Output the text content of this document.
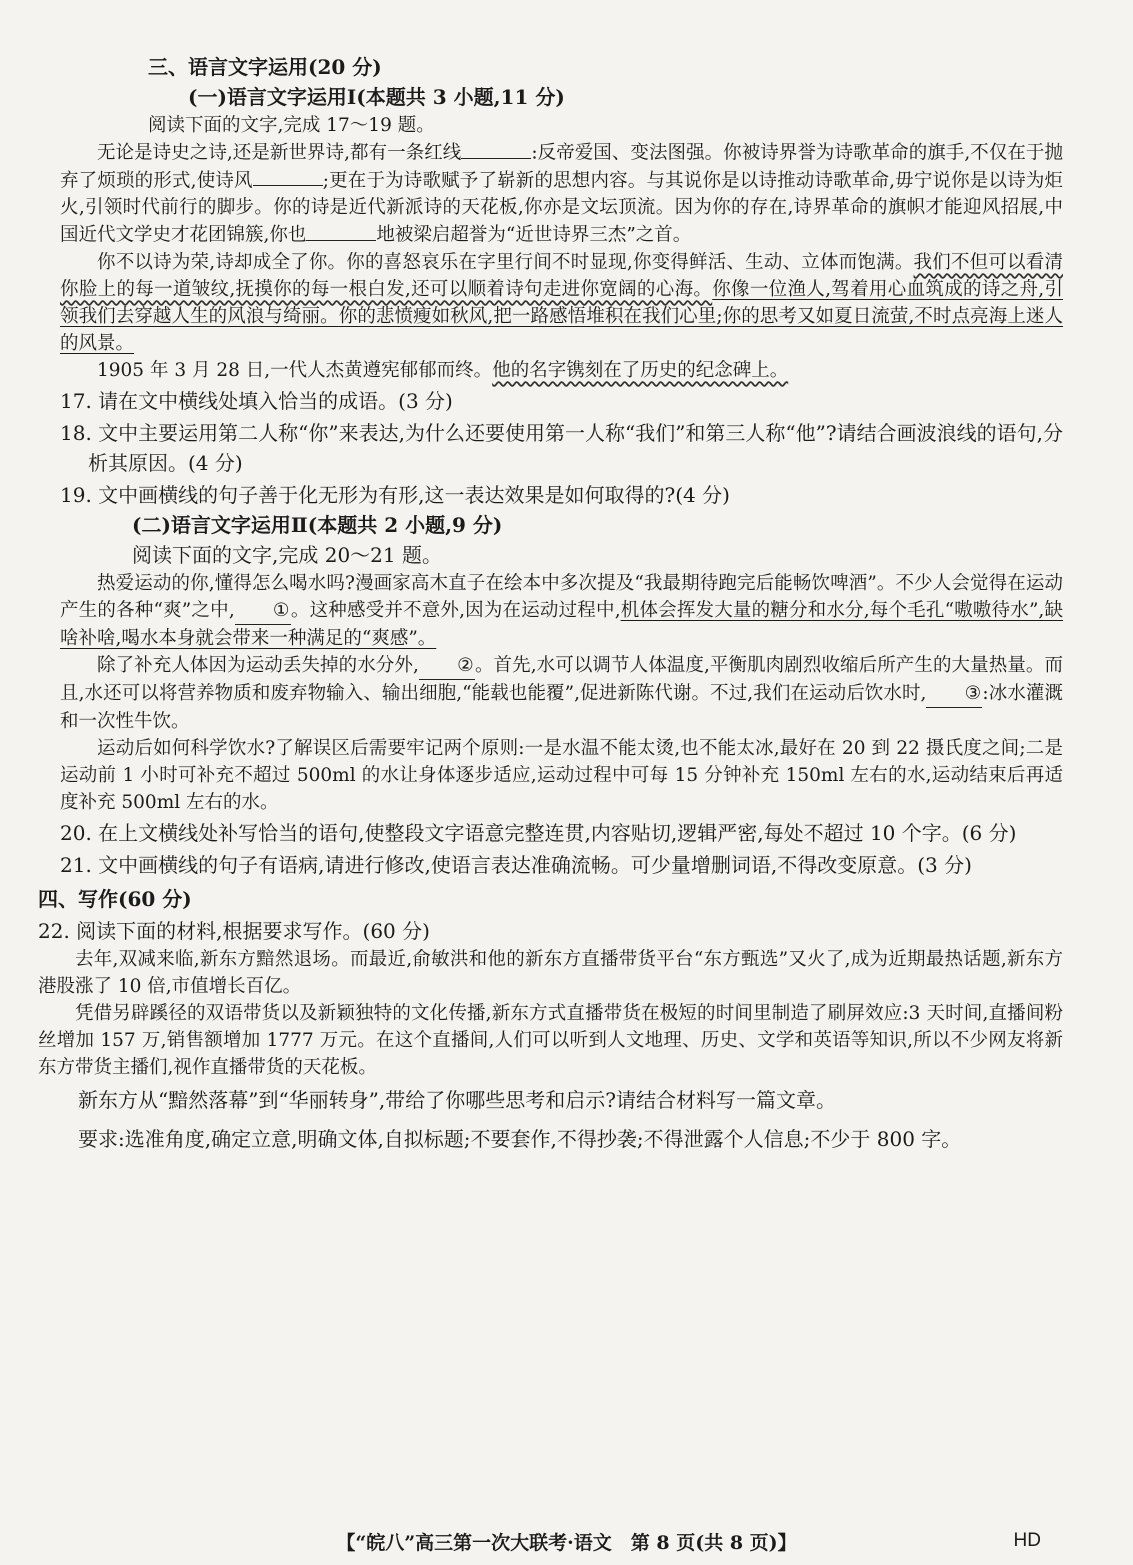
三、语言文字运用(20 分)

(一)语言文字运用Ⅰ(本题共 3 小题,11 分)

阅读下面的文字,完成 17～19 题。

无论是诗史之诗,还是新世界诗,都有一条红线	:反帝爱国、变法图强。你被诗界誉为诗歌革命的旗手,不仅在于抛弃了烦琐的形式,使诗风	;更在于为诗歌赋予了崭新的思想内容。与其说你是以诗推动诗歌革命,毋宁说你是以诗为炬火,引领时代前行的脚步。你的诗是近代新派诗的天花板,你亦是文坛顶流。因为你的存在,诗界革命的旗帜才能迎风招展,中国近代文学史才花团锦簇,你也	地被梁启超誉为“近世诗界三杰”之首。

你不以诗为荣,诗却成全了你。你的喜怒哀乐在字里行间不时显现,你变得鲜活、生动、立体而饱满。我们不但可以看清你脸上的每一道皱纹,抚摸你的每一根白发,还可以顺着诗句走进你宽阔的心海。你像一位渔人,驾着用心血筑成的诗之舟,引领我们去穿越人生的风浪与绮丽。你的悲愤瘦如秋风,把一路感悟堆积在我们心里;你的思考又如夏日流萤,不时点亮海上迷人的风景。

1905 年 3 月 28 日,一代人杰黄遵宪郁郁而终。他的名字镌刻在了历史的纪念碑上。

17. 请在文中横线处填入恰当的成语。(3 分)

18. 文中主要运用第二人称“你”来表达,为什么还要使用第一人称“我们”和第三人称“他”?请结合画波浪线的语句,分析其原因。(4 分)

19. 文中画横线的句子善于化无形为有形,这一表达效果是如何取得的?(4 分)

(二)语言文字运用Ⅱ(本题共 2 小题,9 分)

阅读下面的文字,完成 20～21 题。

热爱运动的你,懂得怎么喝水吗?漫画家高木直子在绘本中多次提及“我最期待跑完后能畅饮啤酒”。不少人会觉得在运动产生的各种“爽”之中, ①。这种感受并不意外,因为在运动过程中,机体会挥发大量的糖分和水分,每个毛孔“嗷嗷待水”,缺啥补啥,喝水本身就会带来一种满足的“爽感”。

除了补充人体因为运动丢失掉的水分外, ②。首先,水可以调节人体温度,平衡肌肉剧烈收缩后所产生的大量热量。而且,水还可以将营养物质和废弃物输入、输出细胞,“能载也能覆”,促进新陈代谢。不过,我们在运动后饮水时, ③:冰水灌溉和一次性牛饮。

运动后如何科学饮水?了解误区后需要牢记两个原则:一是水温不能太烫,也不能太冰,最好在 20 到 22 摄氏度之间;二是运动前 1 小时可补充不超过 500ml 的水让身体逐步适应,运动过程中可每 15 分钟补充 150ml 左右的水,运动结束后再适度补充 500ml 左右的水。

20. 在上文横线处补写恰当的语句,使整段文字语意完整连贯,内容贴切,逻辑严密,每处不超过 10 个字。(6 分)

21. 文中画横线的句子有语病,请进行修改,使语言表达准确流畅。可少量增删词语,不得改变原意。(3 分)

四、写作(60 分)

22. 阅读下面的材料,根据要求写作。(60 分)

去年,双减来临,新东方黯然退场。而最近,俞敏洪和他的新东方直播带货平台“东方甄选”又火了,成为近期最热话题,新东方港股涨了 10 倍,市值增长百亿。

凭借另辟蹊径的双语带货以及新颖独特的文化传播,新东方式直播带货在极短的时间里制造了刷屏效应:3 天时间,直播间粉丝增加 157 万,销售额增加 1777 万元。在这个直播间,人们可以听到人文地理、历史、文学和英语等知识,所以不少网友将新东方带货主播们,视作直播带货的天花板。

新东方从“黯然落幕”到“华丽转身”,带给了你哪些思考和启示?请结合材料写一篇文章。

要求:选准角度,确定立意,明确文体,自拟标题;不要套作,不得抄袭;不得泄露个人信息;不少于 800 字。

【“皖八”高三第一次大联考·语文　第 8 页(共 8 页)】	HD
